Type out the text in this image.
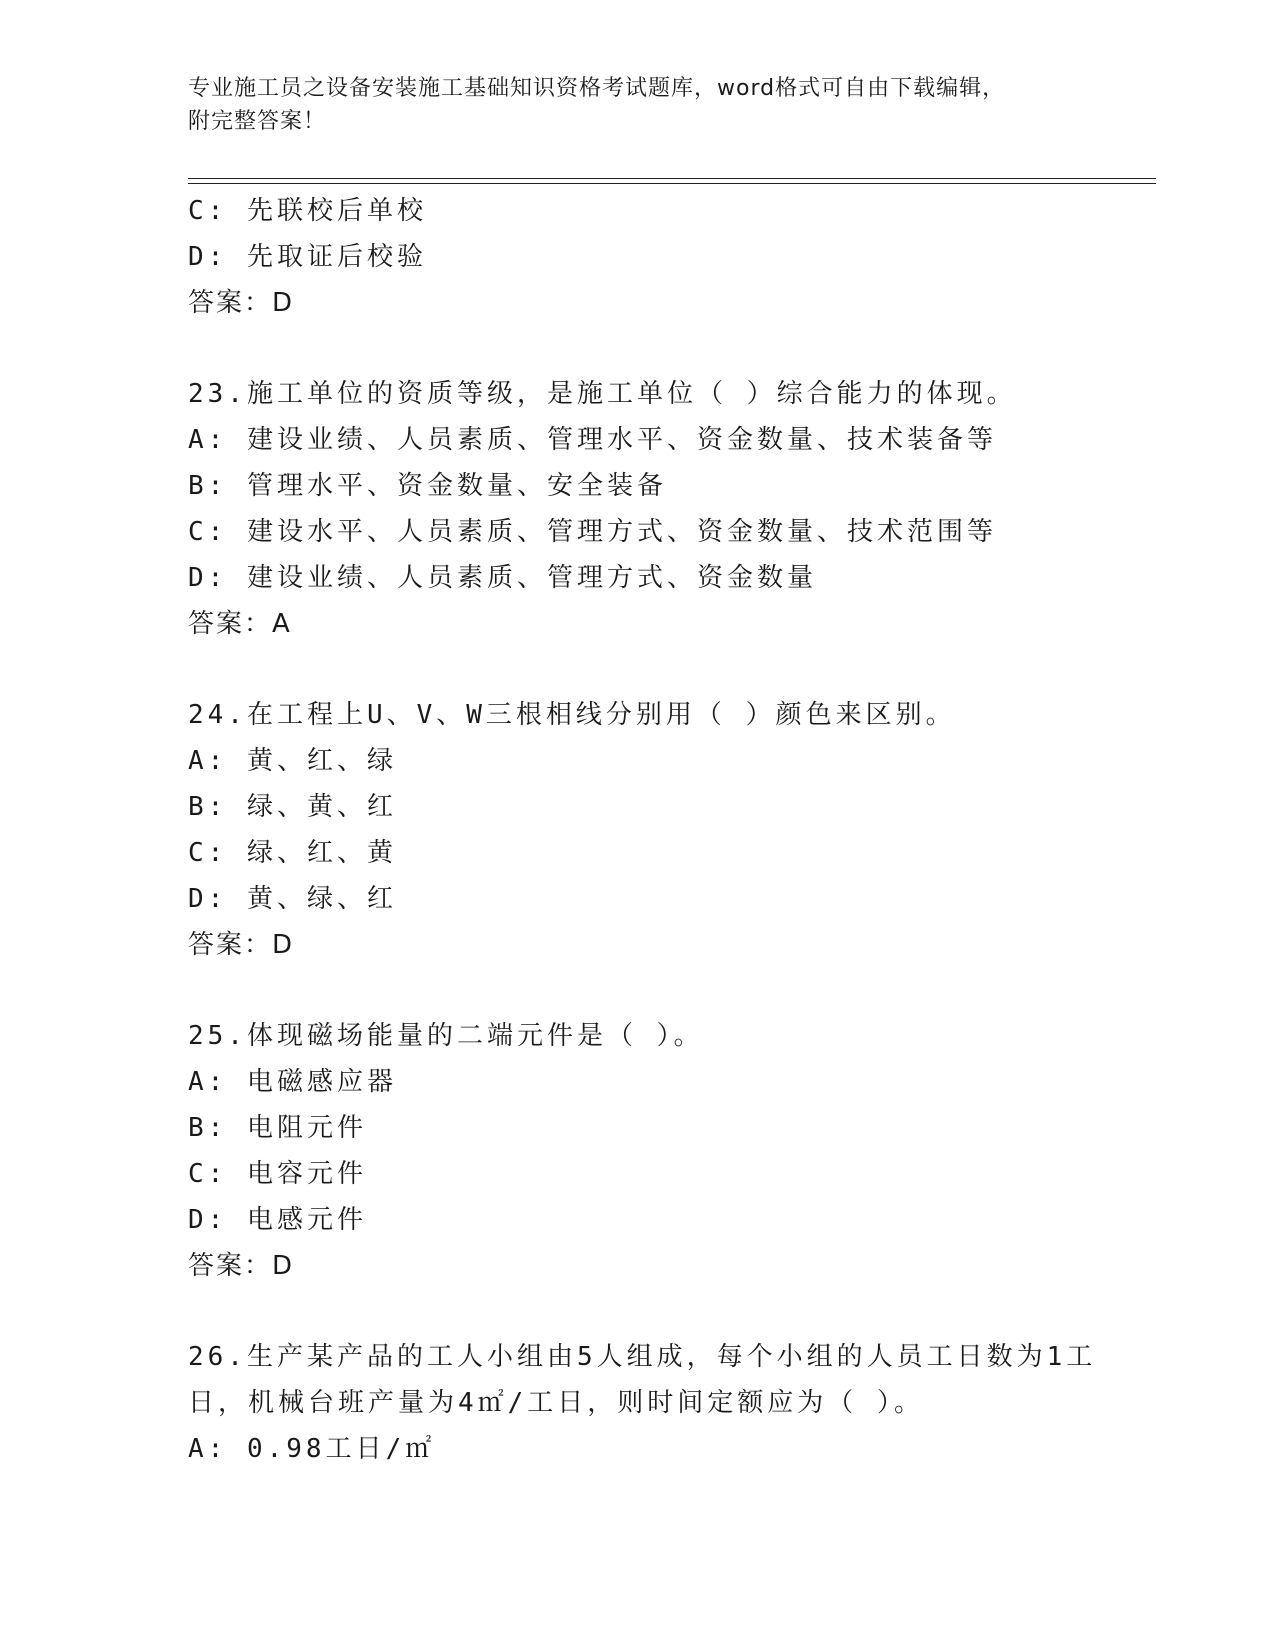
专业施工员之设备安装施工基础知识资格考试题库，word格式可自由下载编辑，
附完整答案！
C: 先联校后单校
D: 先取证后校验
答案：D
23.施工单位的资质等级，是施工单位（ ）综合能力的体现。
A: 建设业绩、人员素质、管理水平、资金数量、技术装备等
B: 管理水平、资金数量、安全装备
C: 建设水平、人员素质、管理方式、资金数量、技术范围等
D: 建设业绩、人员素质、管理方式、资金数量
答案：A
24.在工程上U、V、W三根相线分别用（ ）颜色来区别。
A: 黄、红、绿
B: 绿、黄、红
C: 绿、红、黄
D: 黄、绿、红
答案：D
25.体现磁场能量的二端元件是（ ）。
A: 电磁感应器
B: 电阻元件
C: 电容元件
D: 电感元件
答案：D
26.生产某产品的工人小组由5人组成，每个小组的人员工日数为1工
日，机械台班产量为4㎡/工日，则时间定额应为（ ）。
A: 0.98工日/㎡
